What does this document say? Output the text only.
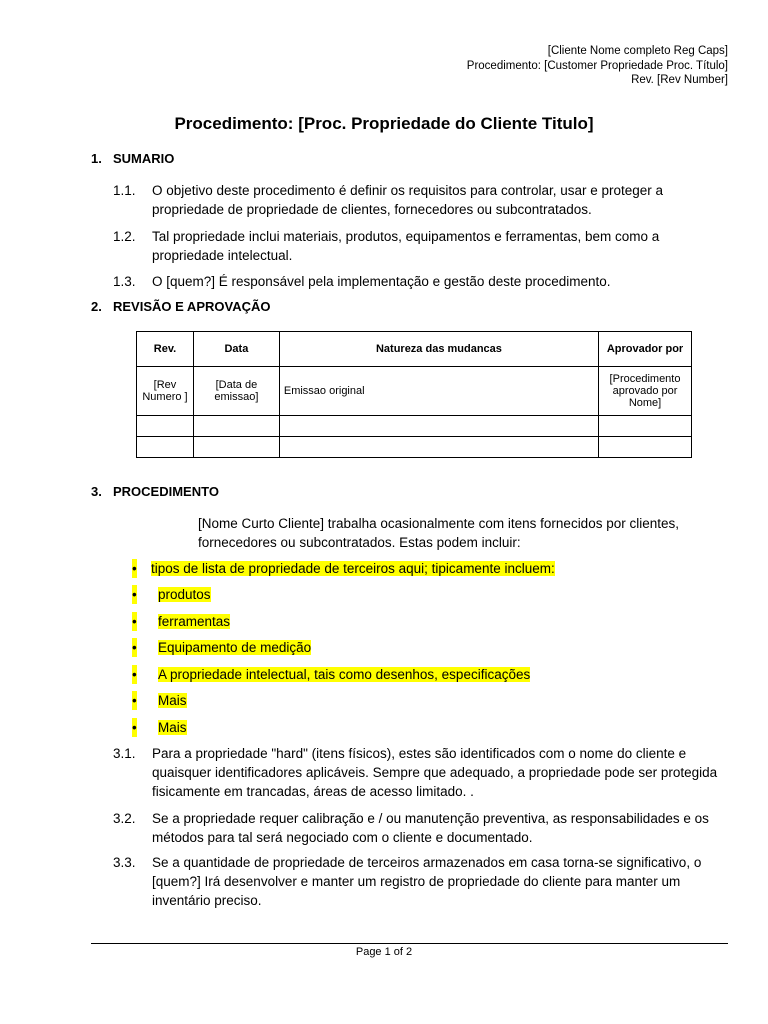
[Cliente Nome completo Reg Caps]
Procedimento: [Customer Propriedade Proc. Título]
Rev. [Rev Number]
Procedimento: [Proc. Propriedade do Cliente Titulo]
1. SUMARIO
1.1. O objetivo deste procedimento é definir os requisitos para controlar, usar e proteger a propriedade de propriedade de clientes, fornecedores ou subcontratados.
1.2. Tal propriedade inclui materiais, produtos, equipamentos e ferramentas, bem como a propriedade intelectual.
1.3. O [quem?] É responsável pela implementação e gestão deste procedimento.
2. REVISÃO E APROVAÇÃO
Rev.	Data	Natureza das mudancas	Aprovador por
[Rev Numero ]	[Data de emissao]	Emissao original	[Procedimento aprovado por Nome]

3. PROCEDIMENTO
[Nome Curto Cliente] trabalha ocasionalmente com itens fornecidos por clientes, fornecedores ou subcontratados. Estas podem incluir:
• tipos de lista de propriedade de terceiros aqui; tipicamente incluem:
• produtos
• ferramentas
• Equipamento de medição
• A propriedade intelectual, tais como desenhos, especificações
• Mais
• Mais
3.1. Para a propriedade "hard" (itens físicos), estes são identificados com o nome do cliente e quaisquer identificadores aplicáveis. Sempre que adequado, a propriedade pode ser protegida fisicamente em trancadas, áreas de acesso limitado. .
3.2. Se a propriedade requer calibração e / ou manutenção preventiva, as responsabilidades e os métodos para tal será negociado com o cliente e documentado.
3.3. Se a quantidade de propriedade de terceiros armazenados em casa torna-se significativo, o [quem?] Irá desenvolver e manter um registro de propriedade do cliente para manter um inventário preciso.
Page 1 of 2
